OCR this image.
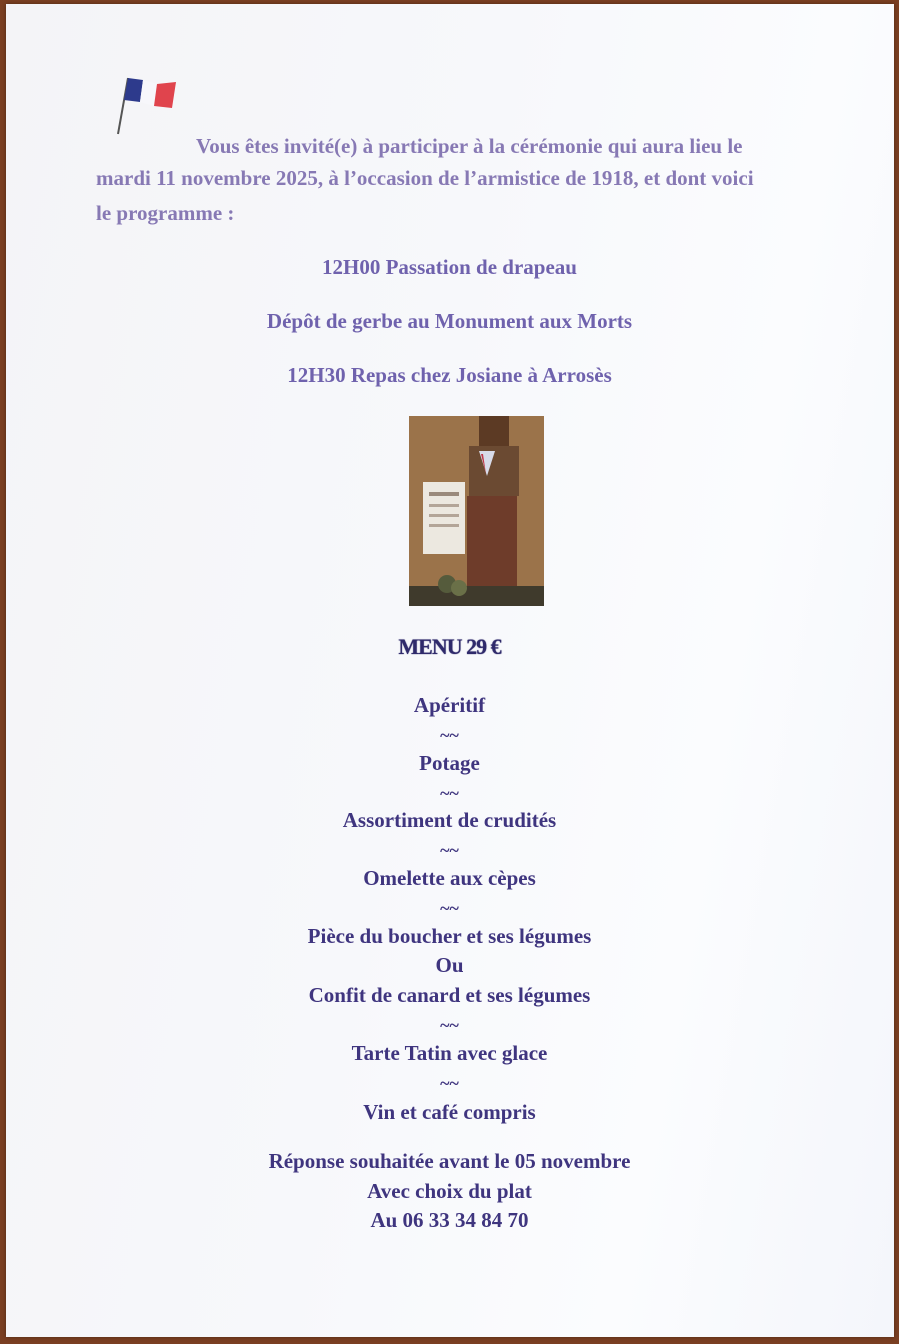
Vous êtes invité(e) à participer à la cérémonie qui aura lieu le
mardi 11 novembre 2025, à l’occasion de l’armistice de 1918, et dont voici
le programme :
12H00 Passation de drapeau
Dépôt de gerbe au Monument aux Morts
12H30 Repas chez Josiane à Arrosès
MENU 29 €
Apéritif
~~
Potage
~~
Assortiment de crudités
~~
Omelette aux cèpes
~~
Pièce du boucher et ses légumes
Ou
Confit de canard et ses légumes
~~
Tarte Tatin avec glace
~~
Vin et café compris
Réponse souhaitée avant le 05 novembre
Avec choix du plat
Au 06 33 34 84 70
